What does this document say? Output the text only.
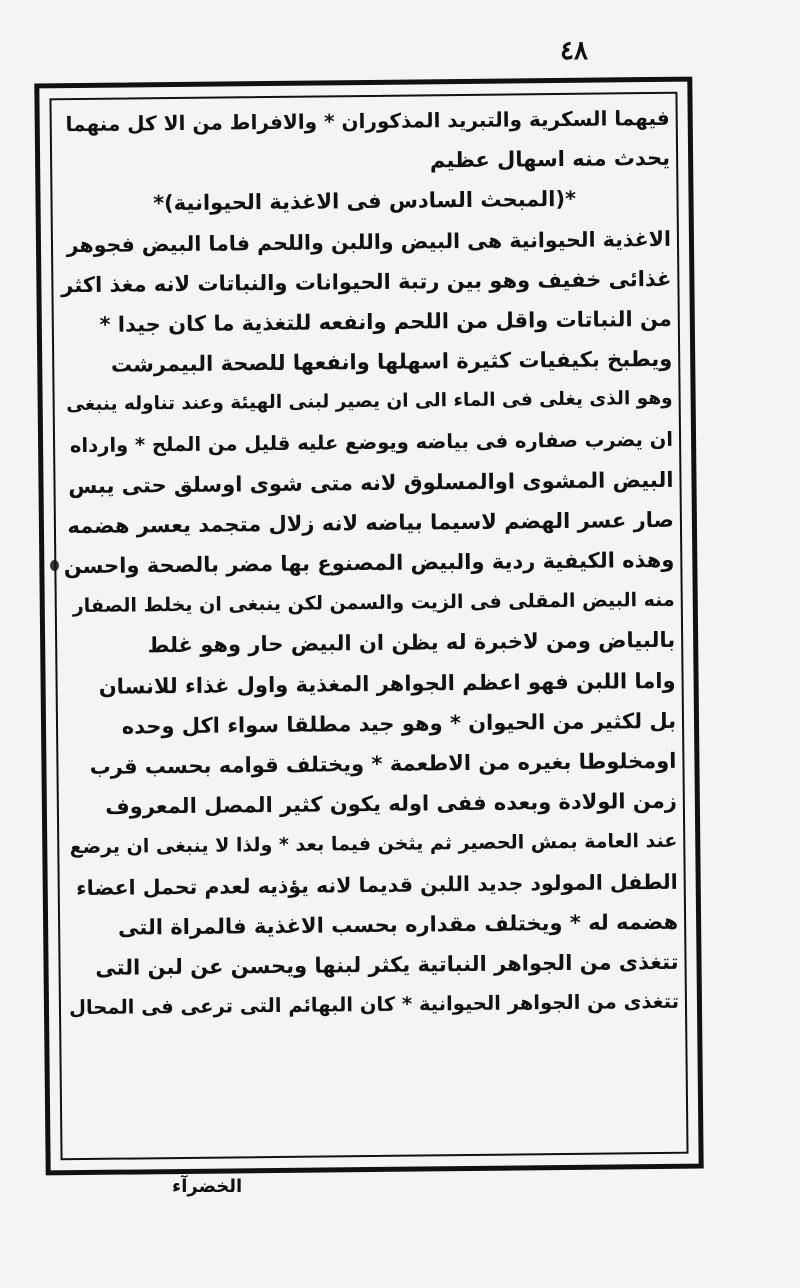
٤٨
فيهما السكرية والتبريد المذكوران * والافراط من الا كل منهما
يحدث منه اسهال عظيم
*(المبحث السادس فى الاغذية الحيوانية)*
الاغذية الحيوانية هى البيض واللبن واللحم فاما البيض فجوهر
غذائى خفيف وهو بين رتبة الحيوانات والنباتات لانه مغذ اكثر
من النباتات واقل من اللحم وانفعه للتغذية ما كان جيدا *
ويطبخ بكيفيات كثيرة اسهلها وانفعها للصحة البيمرشت
وهو الذى يغلى فى الماء الى ان يصير لبنى الهيئة وعند تناوله ينبغى
ان يضرب صفاره فى بياضه ويوضع عليه قليل من الملح * وارداه
البيض المشوى اوالمسلوق لانه متى شوى اوسلق حتى يبس
صار عسر الهضم لاسيما بياضه لانه زلال متجمد يعسر هضمه
وهذه الكيفية ردية والبيض المصنوع بها مضر بالصحة واحسن
منه البيض المقلى فى الزيت والسمن لكن ينبغى ان يخلط الصفار
بالبياض ومن لاخبرة له يظن ان البيض حار وهو غلط
واما اللبن فهو اعظم الجواهر المغذية واول غذاء للانسان
بل لكثير من الحيوان * وهو جيد مطلقا سواء اكل وحده
اومخلوطا بغيره من الاطعمة * ويختلف قوامه بحسب قرب
زمن الولادة وبعده ففى اوله يكون كثير المصل المعروف
عند العامة بمش الحصير ثم يثخن فيما بعد * ولذا لا ينبغى ان يرضع
الطفل المولود جديد اللبن قديما لانه يؤذيه لعدم تحمل اعضاء
هضمه له * ويختلف مقداره بحسب الاغذية فالمراة التى
تتغذى من الجواهر النباتية يكثر لبنها ويحسن عن لبن التى
تتغذى من الجواهر الحيوانية * كان البهائم التى ترعى فى المحال
الخضرآء
